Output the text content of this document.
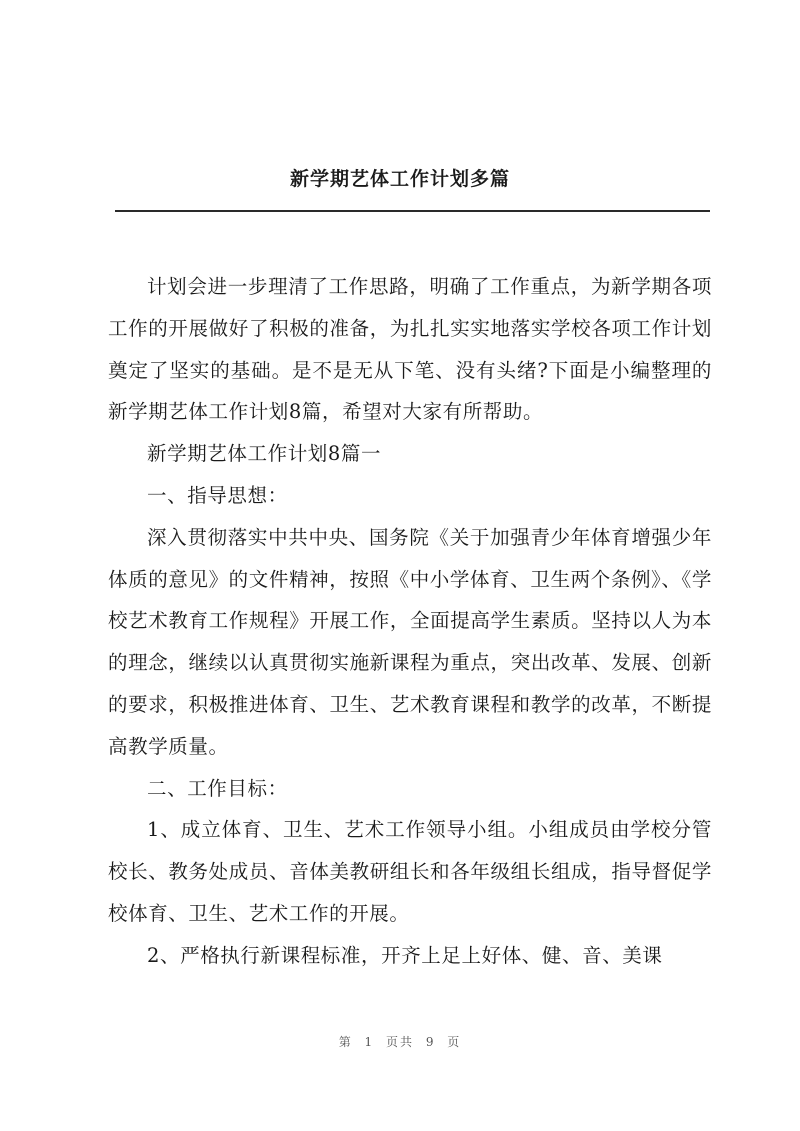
新学期艺体工作计划多篇

计划会进一步理清了工作思路，明确了工作重点，为新学期各项工作的开展做好了积极的准备，为扎扎实实地落实学校各项工作计划奠定了坚实的基础。是不是无从下笔、没有头绪?下面是小编整理的新学期艺体工作计划8篇，希望对大家有所帮助。

新学期艺体工作计划8篇一

一、指导思想：

深入贯彻落实中共中央、国务院《关于加强青少年体育增强少年体质的意见》的文件精神，按照《中小学体育、卫生两个条例》、《学校艺术教育工作规程》开展工作，全面提高学生素质。坚持以人为本的理念，继续以认真贯彻实施新课程为重点，突出改革、发展、创新的要求，积极推进体育、卫生、艺术教育课程和教学的改革，不断提高教学质量。

二、工作目标：

1、成立体育、卫生、艺术工作领导小组。小组成员由学校分管校长、教务处成员、音体美教研组长和各年级组长组成，指导督促学校体育、卫生、艺术工作的开展。

2、严格执行新课程标准，开齐上足上好体、健、音、美课

第 1 页共 9 页
